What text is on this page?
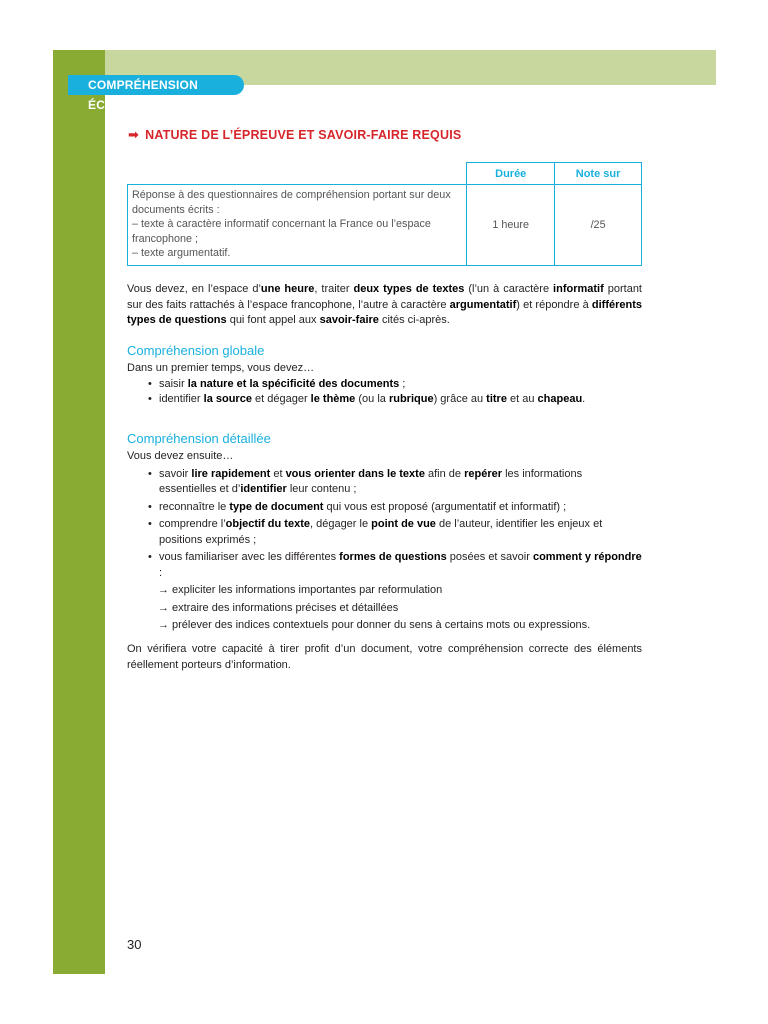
COMPRÉHENSION ÉCRITE
➡ NATURE DE L’ÉPREUVE ET SAVOIR-FAIRE REQUIS
	Durée	Note sur

Réponse à des questionnaires de compréhension portant sur deux documents écrits :
– texte à caractère informatif concernant la France ou l’espace francophone ;
– texte argumentatif.	1 heure	/25
Vous devez, en l’espace d’une heure, traiter deux types de textes (l’un à caractère informatif portant sur des faits rattachés à l’espace francophone, l’autre à caractère argumentatif) et répondre à différents types de questions qui font appel aux savoir-faire cités ci-après.
Compréhension globale
Dans un premier temps, vous devez…
• saisir la nature et la spécificité des documents ;
• identifier la source et dégager le thème (ou la rubrique) grâce au titre et au chapeau.
Compréhension détaillée
Vous devez ensuite…
• savoir lire rapidement et vous orienter dans le texte afin de repérer les informations essentielles et d’identifier leur contenu ;
• reconnaître le type de document qui vous est proposé (argumentatif et informatif) ;
• comprendre l’objectif du texte, dégager le point de vue de l’auteur, identifier les enjeux et positions exprimés ;
• vous familiariser avec les différentes formes de questions posées et savoir comment y répondre :
→ expliciter les informations importantes par reformulation
→ extraire des informations précises et détaillées
→ prélever des indices contextuels pour donner du sens à certains mots ou expressions.
On vérifiera votre capacité à tirer profit d’un document, votre compréhension correcte des éléments réellement porteurs d’information.
30
